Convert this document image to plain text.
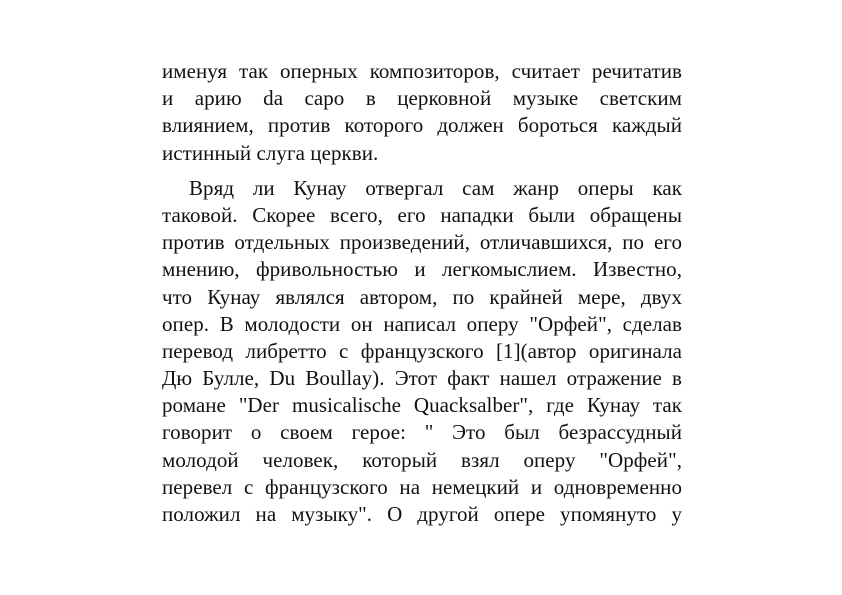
именуя так оперных композиторов, считает речитатив
и арию da capo в церковной музыке светским
влиянием, против которого должен бороться каждый
истинный слуга церкви.
Вряд ли Кунау отвергал сам жанр оперы как
таковой. Скорее всего, его нападки были обращены
против отдельных произведений, отличавшихся, по его
мнению, фривольностью и легкомыслием. Известно,
что Кунау являлся автором, по крайней мере, двух
опер. В молодости он написал оперу "Орфей", сделав
перевод либретто с французского [1](автор оригинала
Дю Булле, Du Boullay). Этот факт нашел отражение в
романе "Der musicalische Quacksalber", где Кунау так
говорит о своем герое: " Это был безрассудный
молодой человек, который взял оперу "Орфей",
перевел с французского на немецкий и одновременно
положил на музыку". О другой опере упомянуто у
